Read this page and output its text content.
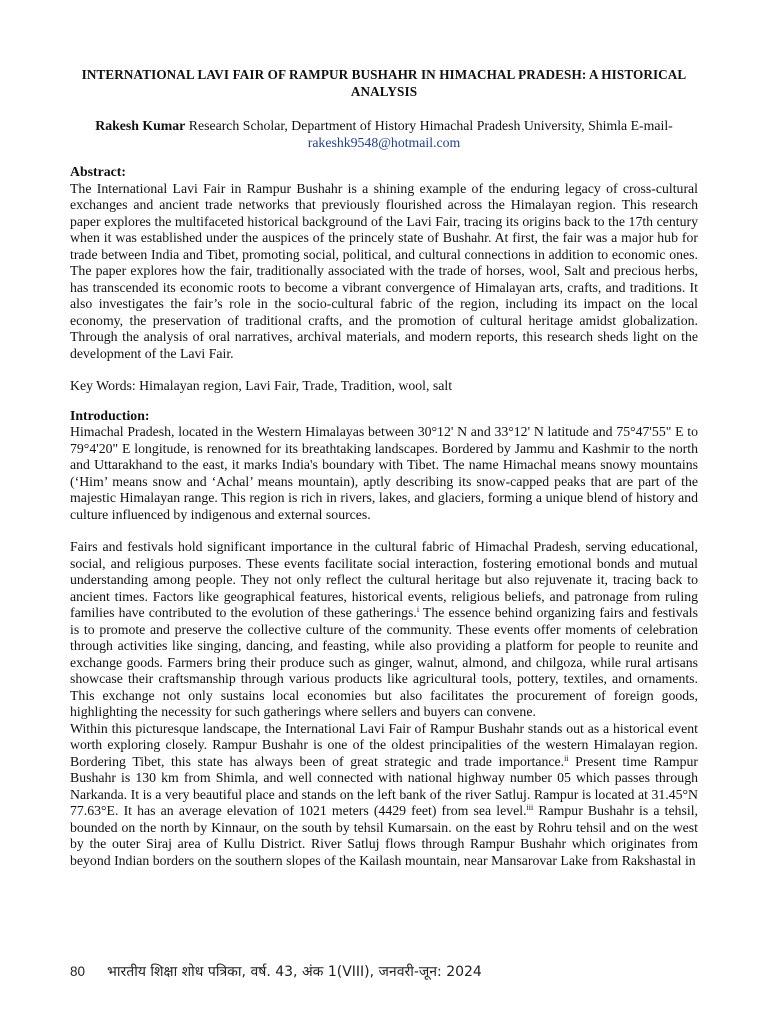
INTERNATIONAL LAVI FAIR OF RAMPUR BUSHAHR IN HIMACHAL PRADESH: A HISTORICAL ANALYSIS
Rakesh Kumar Research Scholar, Department of History Himachal Pradesh University, Shimla E-mail- rakeshk9548@hotmail.com
Abstract:

The International Lavi Fair in Rampur Bushahr is a shining example of the enduring legacy of cross-cultural exchanges and ancient trade networks that previously flourished across the Himalayan region. This research paper explores the multifaceted historical background of the Lavi Fair, tracing its origins back to the 17th century when it was established under the auspices of the princely state of Bushahr. At first, the fair was a major hub for trade between India and Tibet, promoting social, political, and cultural connections in addition to economic ones. The paper explores how the fair, traditionally associated with the trade of horses, wool, Salt and precious herbs, has transcended its economic roots to become a vibrant convergence of Himalayan arts, crafts, and traditions. It also investigates the fair’s role in the socio-cultural fabric of the region, including its impact on the local economy, the preservation of traditional crafts, and the promotion of cultural heritage amidst globalization. Through the analysis of oral narratives, archival materials, and modern reports, this research sheds light on the development of the Lavi Fair.

Key Words: Himalayan region, Lavi Fair, Trade, Tradition, wool, salt
Introduction:

Himachal Pradesh, located in the Western Himalayas between 30°12' N and 33°12' N latitude and 75°47'55" E to 79°4'20" E longitude, is renowned for its breathtaking landscapes. Bordered by Jammu and Kashmir to the north and Uttarakhand to the east, it marks India's boundary with Tibet. The name Himachal means snowy mountains (‘Him’ means snow and ‘Achal’ means mountain), aptly describing its snow-capped peaks that are part of the majestic Himalayan range. This region is rich in rivers, lakes, and glaciers, forming a unique blend of history and culture influenced by indigenous and external sources.

Fairs and festivals hold significant importance in the cultural fabric of Himachal Pradesh, serving educational, social, and religious purposes. These events facilitate social interaction, fostering emotional bonds and mutual understanding among people. They not only reflect the cultural heritage but also rejuvenate it, tracing back to ancient times. Factors like geographical features, historical events, religious beliefs, and patronage from ruling families have contributed to the evolution of these gatherings.$^i$ The essence behind organizing fairs and festivals is to promote and preserve the collective culture of the community. These events offer moments of celebration through activities like singing, dancing, and feasting, while also providing a platform for people to reunite and exchange goods. Farmers bring their produce such as ginger, walnut, almond, and chilgoza, while rural artisans showcase their craftsmanship through various products like agricultural tools, pottery, textiles, and ornaments. This exchange not only sustains local economies but also facilitates the procurement of foreign goods, highlighting the necessity for such gatherings where sellers and buyers can convene.

Within this picturesque landscape, the International Lavi Fair of Rampur Bushahr stands out as a historical event worth exploring closely. Rampur Bushahr is one of the oldest principalities of the western Himalayan region. Bordering Tibet, this state has always been of great strategic and trade importance.$^{ii}$ Present time Rampur Bushahr is 130 km from Shimla, and well connected with national highway number 05 which passes through Narkanda. It is a very beautiful place and stands on the left bank of the river Satluj. Rampur is located at 31.45°N 77.63°E. It has an average elevation of 1021 meters (4429 feet) from sea level.$^{iii}$ Rampur Bushahr is a tehsil, bounded on the north by Kinnaur, on the south by tehsil Kumarsain. on the east by Rohru tehsil and on the west by the outer Siraj area of Kullu District. River Satluj flows through Rampur Bushahr which originates from beyond Indian borders on the southern slopes of the Kailash mountain, near Mansarovar Lake from Rakshastal in

80 भारतीय शिक्षा शोध पत्रिका, वर्ष. 43, अंक 1(VIII), जनवरी-जून: 2024
